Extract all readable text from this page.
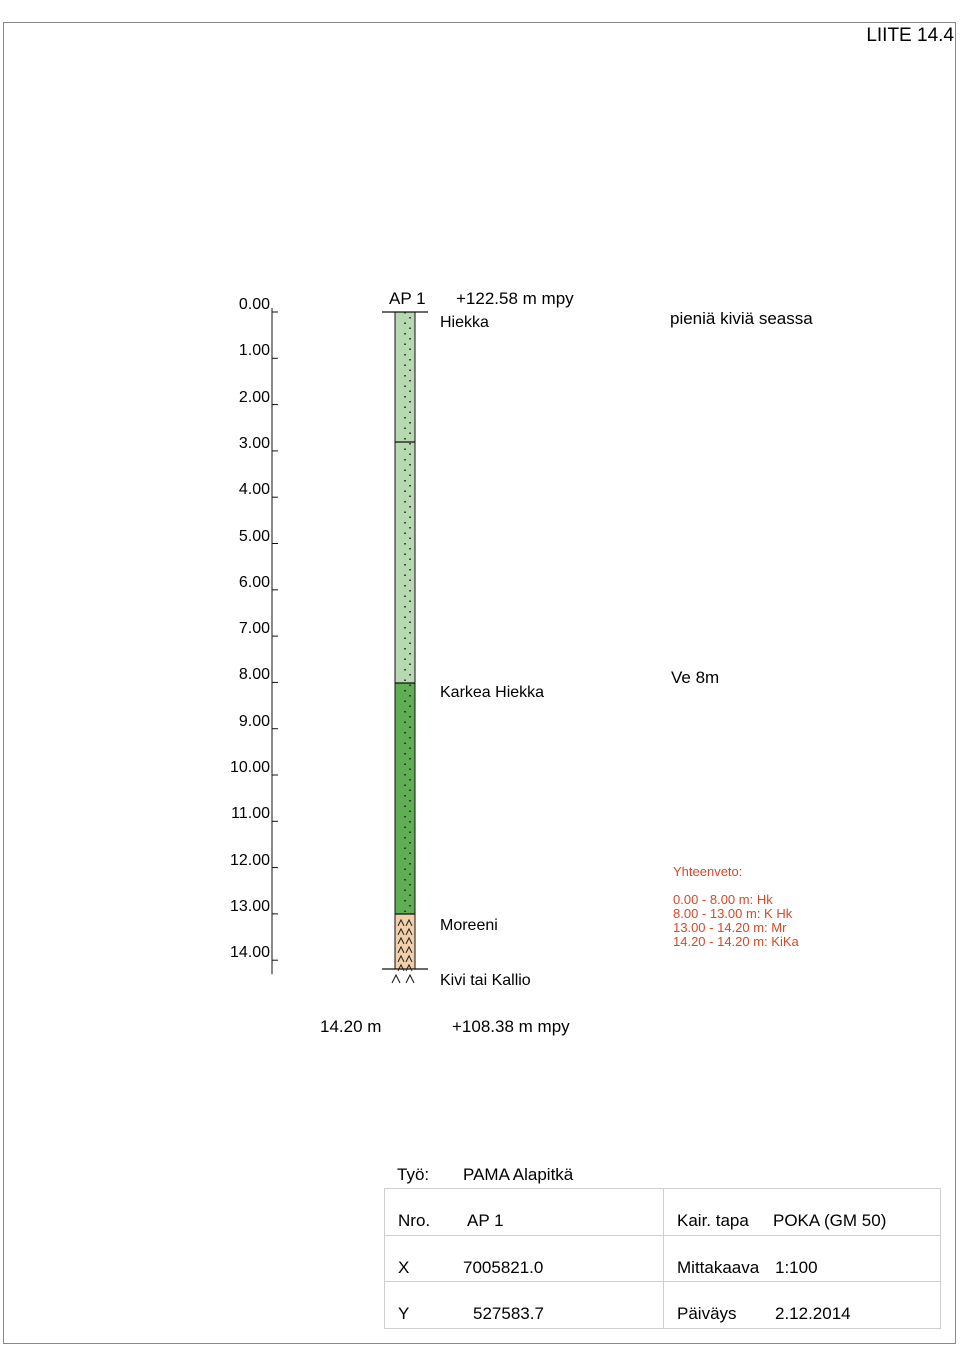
LIITE 14.4
0.00
1.00
2.00
3.00
4.00
5.00
6.00
7.00
8.00
9.00
10.00
11.00
12.00
13.00
14.00
AP 1 +122.58 m mpy
Hiekka
Karkea Hiekka
Moreeni
Kivi tai Kallio
pieniä kiviä seassa
Ve 8m
Yhteenveto:
0.00 - 8.00 m: Hk
8.00 - 13.00 m: K Hk
13.00 - 14.20 m: Mr
14.20 - 14.20 m: KiKa
14.20 m	+108.38 m mpy
Työ: PAMA Alapitkä

Nro. AP 1	Kair. tapa POKA (GM 50)
X	7005821.0	Mittakaava 1:100
Y	527583.7	Päiväys 2.12.2014
